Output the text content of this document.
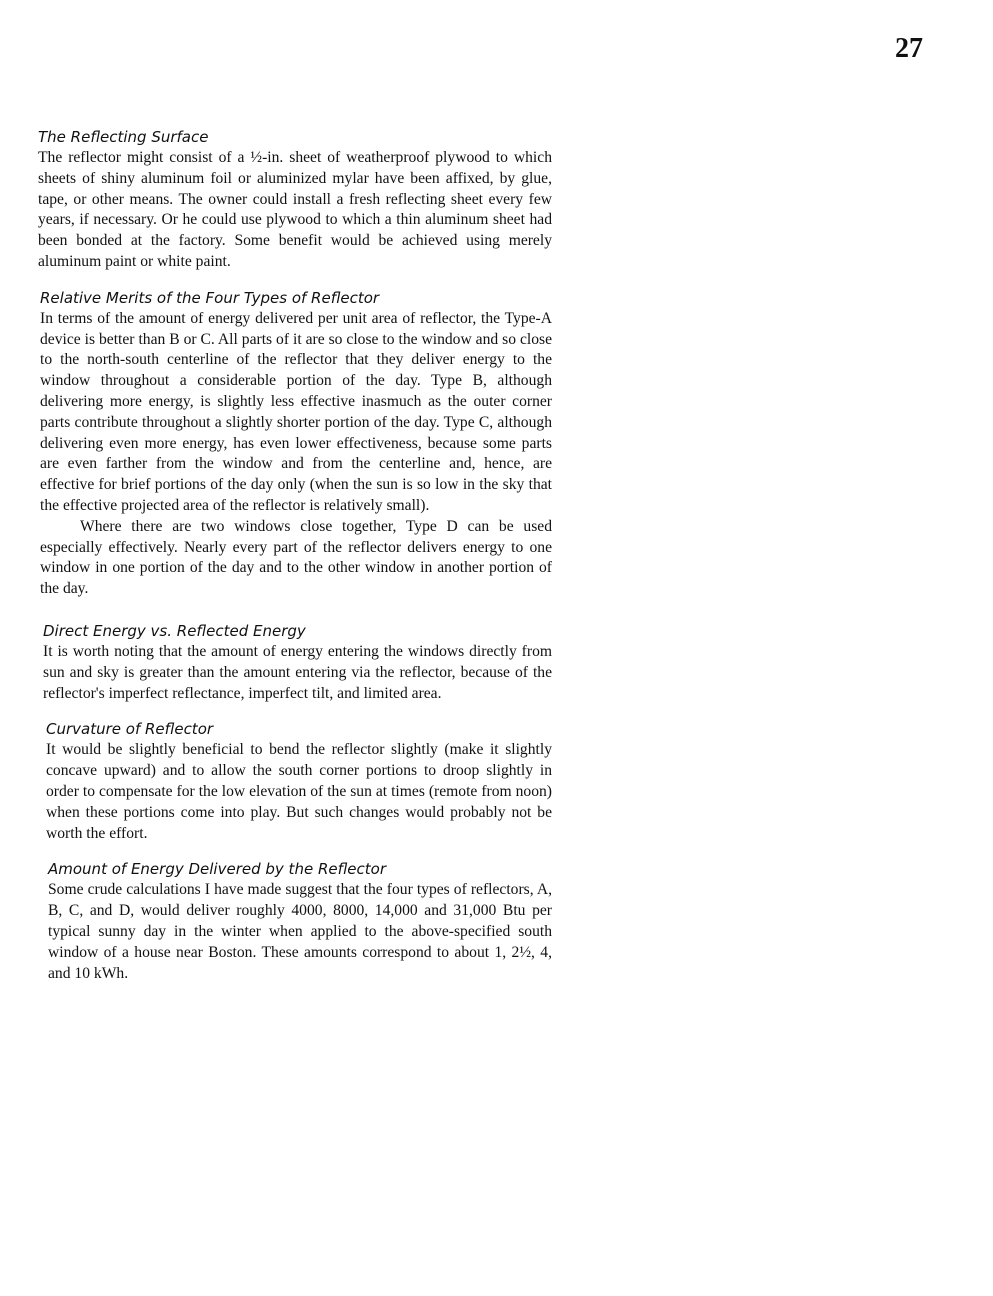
27
The Reflecting Surface

The reflector might consist of a ½-in. sheet of weatherproof plywood to which sheets of shiny aluminum foil or aluminized mylar have been affixed, by glue, tape, or other means. The owner could install a fresh reflecting sheet every few years, if necessary. Or he could use plywood to which a thin aluminum sheet had been bonded at the factory. Some benefit would be achieved using merely aluminum paint or white paint.

Relative Merits of the Four Types of Reflector

In terms of the amount of energy delivered per unit area of reflector, the Type-A device is better than B or C. All parts of it are so close to the window and so close to the north-south centerline of the reflector that they deliver energy to the window throughout a considerable portion of the day. Type B, although delivering more energy, is slightly less effective inasmuch as the outer corner parts contribute throughout a slightly shorter portion of the day. Type C, although delivering even more energy, has even lower effectiveness, because some parts are even farther from the window and from the centerline and, hence, are effective for brief portions of the day only (when the sun is so low in the sky that the effective projected area of the reflector is relatively small).

Where there are two windows close together, Type D can be used especially effectively. Nearly every part of the reflector delivers energy to one window in one portion of the day and to the other window in another portion of the day.

Direct Energy vs. Reflected Energy

It is worth noting that the amount of energy entering the windows directly from sun and sky is greater than the amount entering via the reflector, because of the reflector's imperfect reflectance, imperfect tilt, and limited area.

Curvature of Reflector

It would be slightly beneficial to bend the reflector slightly (make it slightly concave upward) and to allow the south corner portions to droop slightly in order to compensate for the low elevation of the sun at times (remote from noon) when these portions come into play. But such changes would probably not be worth the effort.

Amount of Energy Delivered by the Reflector

Some crude calculations I have made suggest that the four types of reflectors, A, B, C, and D, would deliver roughly 4000, 8000, 14,000 and 31,000 Btu per typical sunny day in the winter when applied to the above-specified south window of a house near Boston. These amounts correspond to about 1, 2½, 4, and 10 kWh.
